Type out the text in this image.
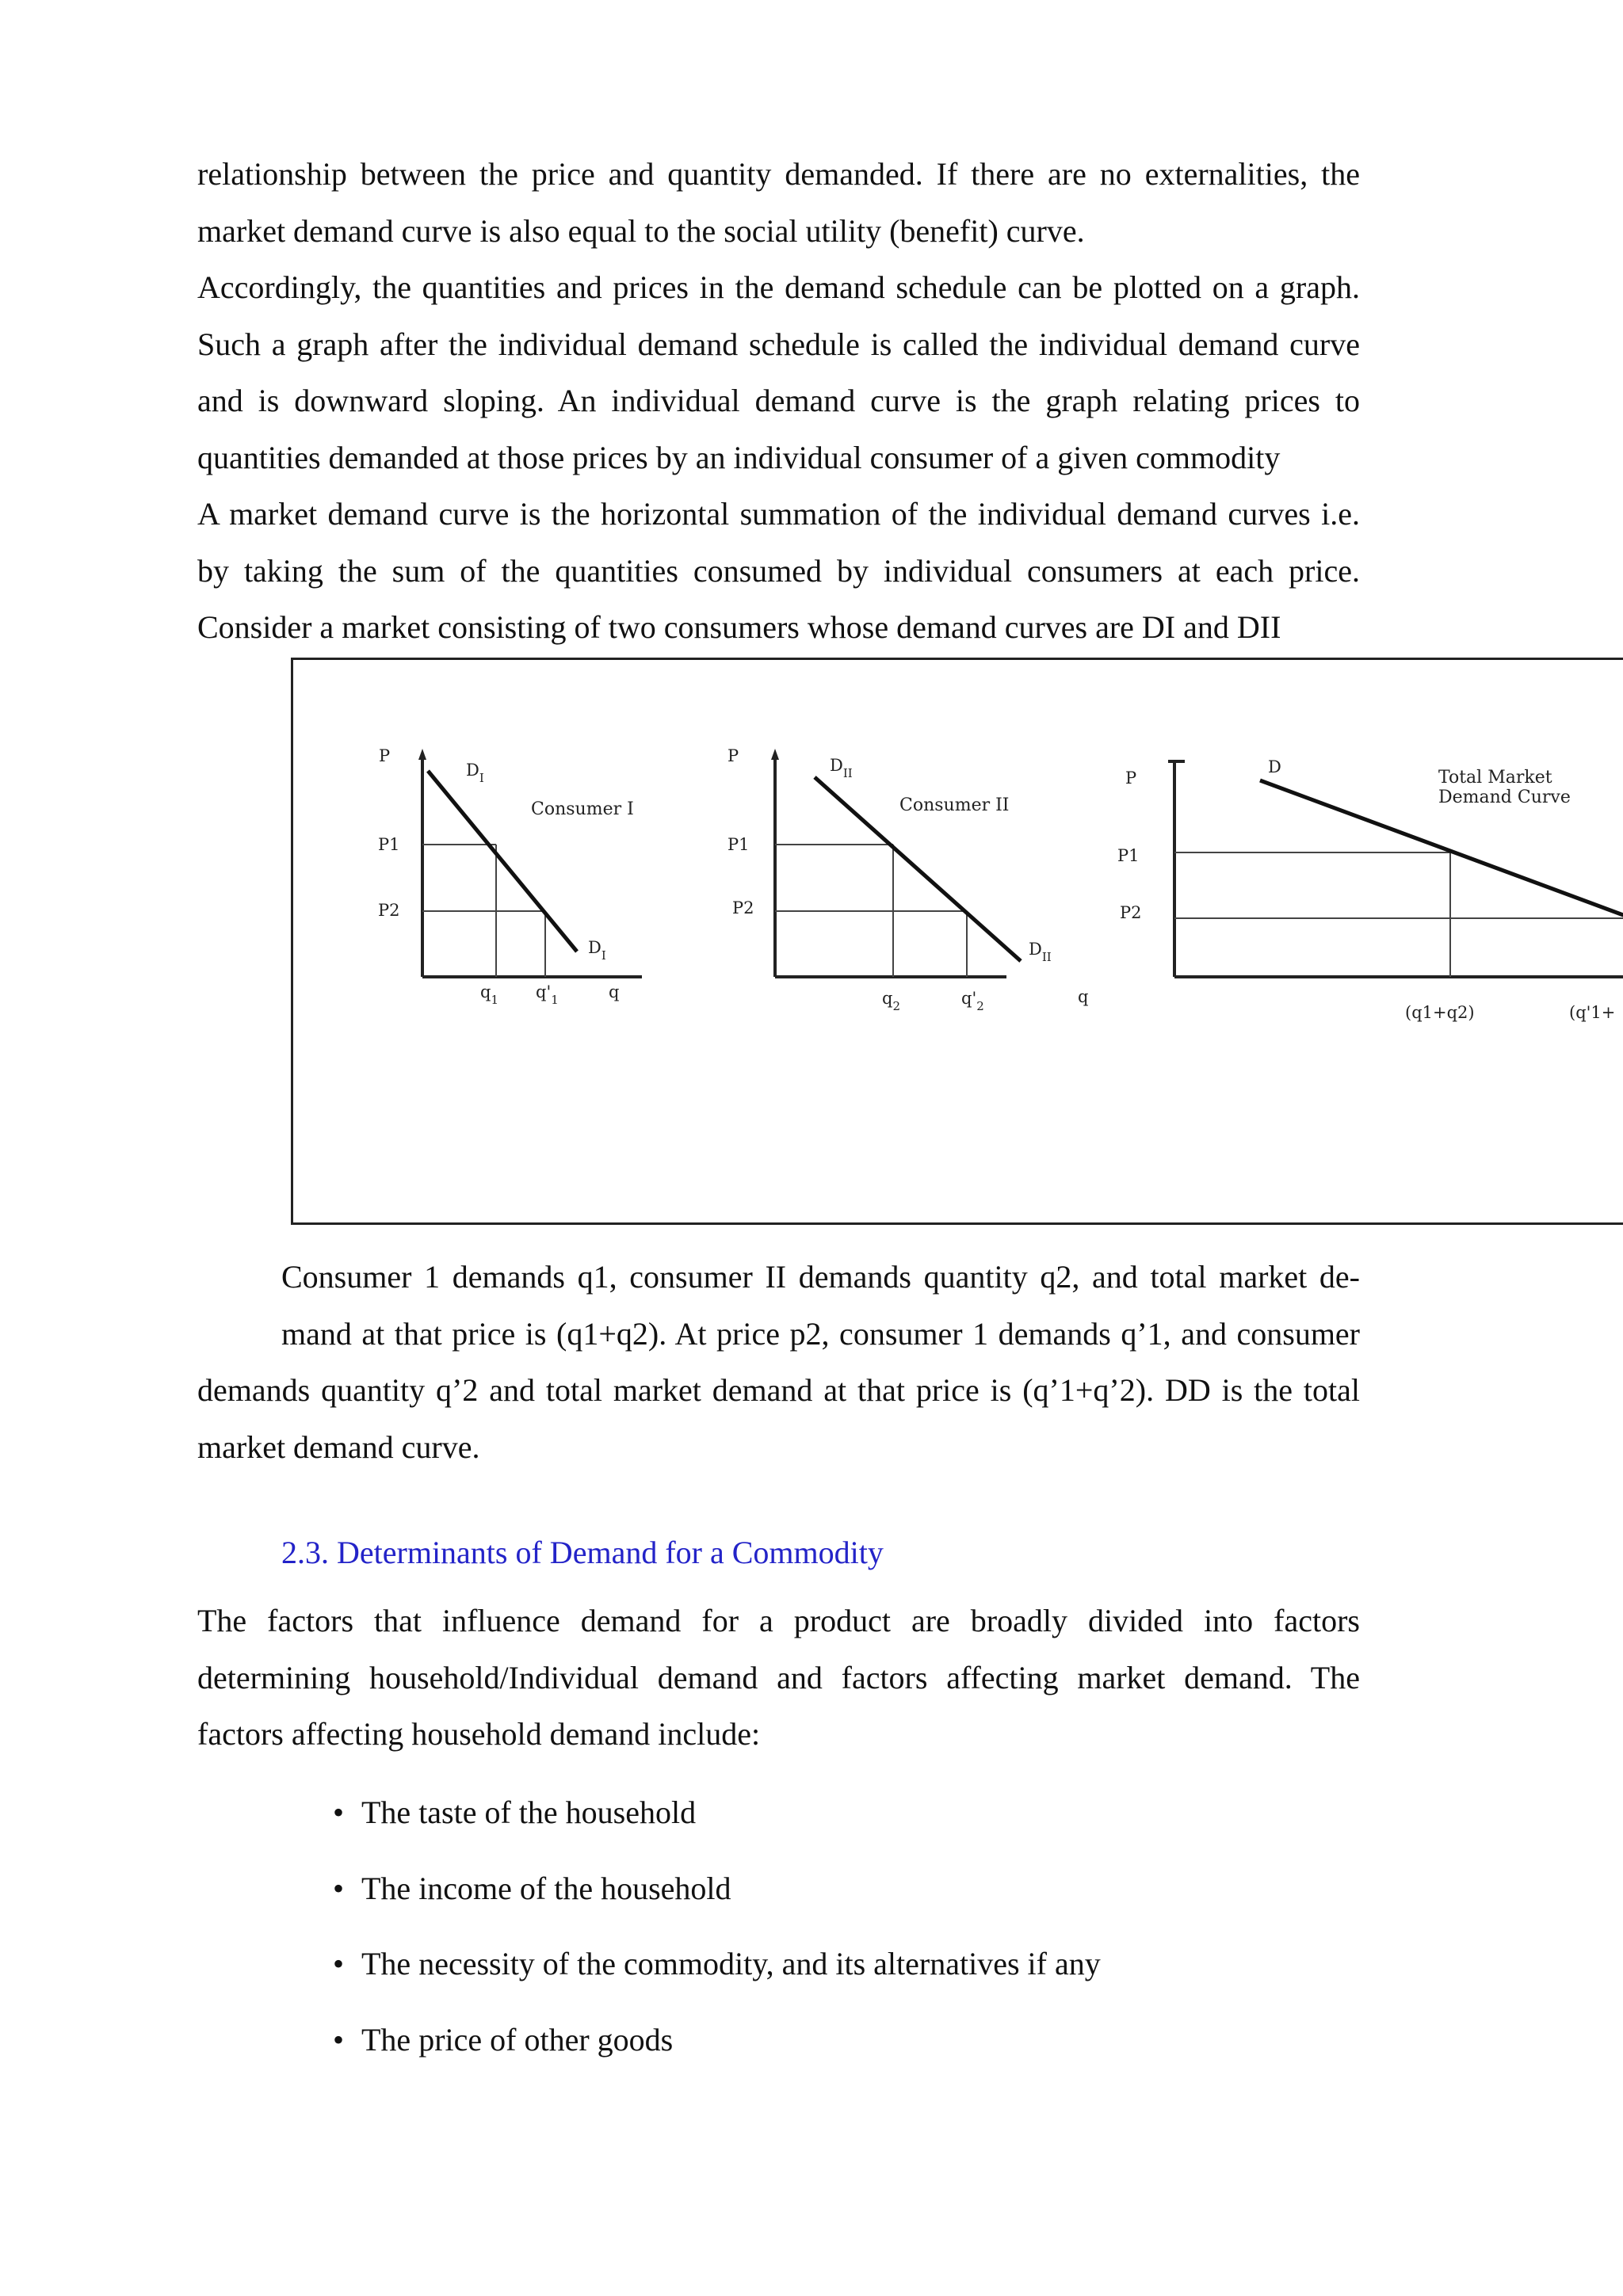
relationship between the price and quantity demanded. If there are no externalities, the
market demand curve is also equal to the social utility (benefit) curve.
Accordingly, the quantities and prices in the demand schedule can be plotted on a graph.
Such a graph after the individual demand schedule is called the individual demand curve
and is downward sloping. An individual demand curve is the graph relating prices to
quantities demanded at those prices by an individual consumer of a given commodity
A market demand curve is the horizontal summation of the individual demand curves i.e.
by taking the sum of the quantities consumed by individual consumers at each price.
Consider a market consisting of two consumers whose demand curves are DI and DII
P
P1
P2
$D_I$
Consumer I
$D_I$
$q_1$ $q'_1$	q
P
P1
P2
$D_{II}$
Consumer II
$D_{II}$
$q_2$	$q'_2$	q
P
P1
P2
D
Total Market
Demand Curve
(q1+q2)	(q'1+
Consumer 1 demands q1, consumer II demands quantity q2, and total market de-
mand at that price is (q1+q2). At price p2, consumer 1 demands q’1, and consumer
demands quantity q’2 and total market demand at that price is (q’1+q’2). DD is the total
market demand curve.
2.3. Determinants of Demand for a Commodity
The factors that influence demand for a product are broadly divided into factors
determining household/Individual demand and factors affecting market demand. The
factors affecting household demand include:
• The taste of the household
• The income of the household
• The necessity of the commodity, and its alternatives if any
• The price of other goods
